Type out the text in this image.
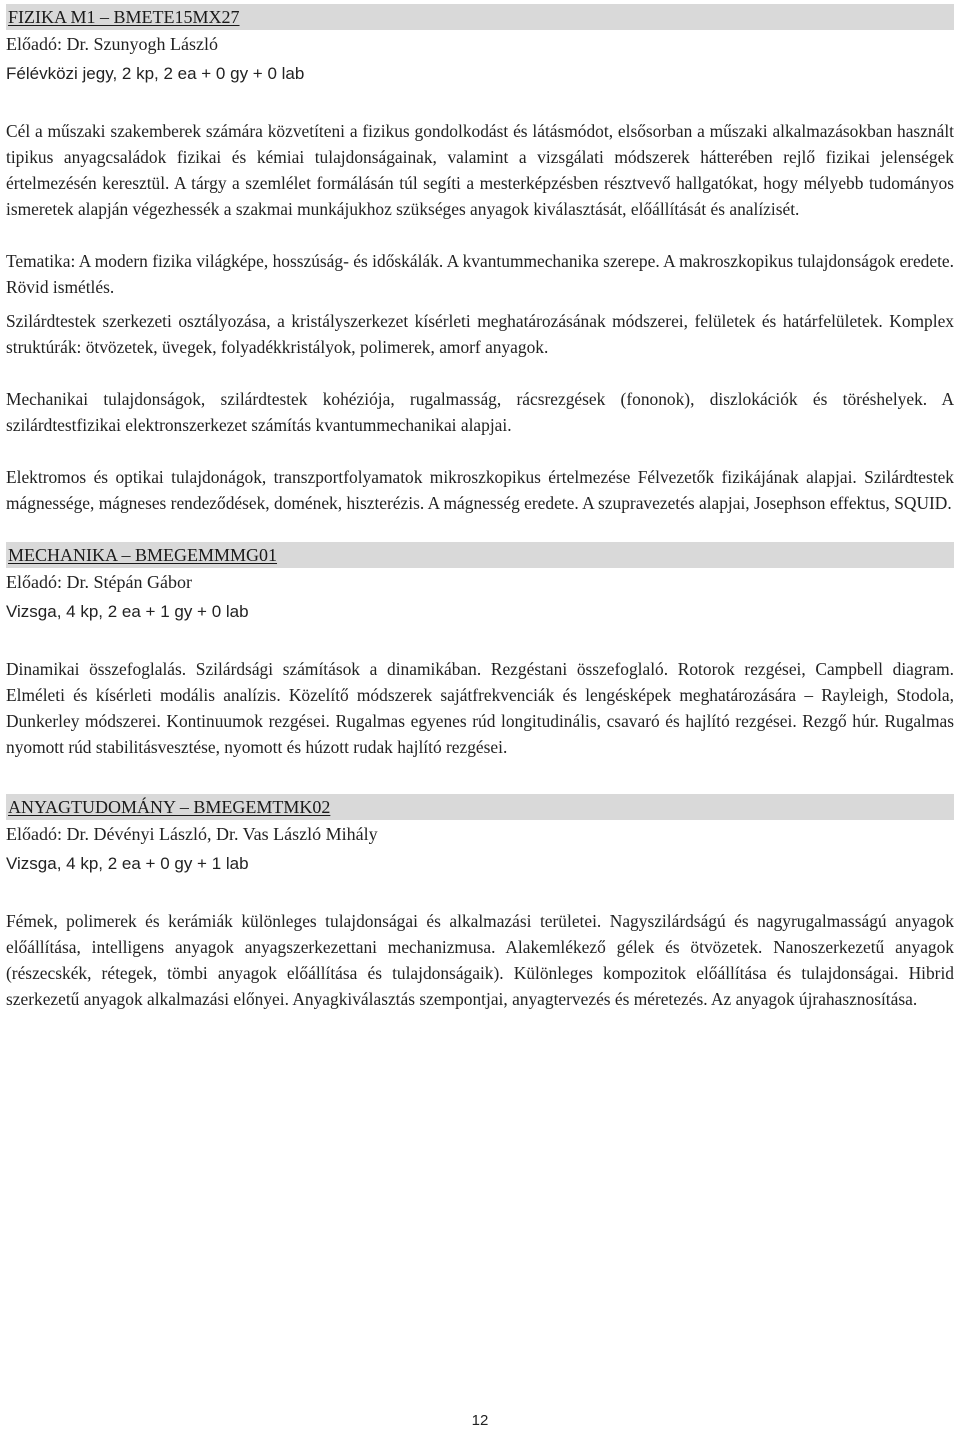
FIZIKA M1 – BMETE15MX27

Előadó: Dr. Szunyogh László

Félévközi jegy, 2 kp, 2 ea + 0 gy + 0 lab

Cél a műszaki szakemberek számára közvetíteni a fizikus gondolkodást és látásmódot, elsősorban a műszaki alkalmazásokban használt tipikus anyagcsaládok fizikai és kémiai tulajdonságainak, valamint a vizsgálati módszerek hátterében rejlő fizikai jelenségek értelmezésén keresztül. A tárgy a szemlélet formálásán túl segíti a mesterképzésben résztvevő hallgatókat, hogy mélyebb tudományos ismeretek alapján végezhessék a szakmai munkájukhoz szükséges anyagok kiválasztását, előállítását és analízisét.

Tematika: A modern fizika világképe, hosszúság- és időskálák. A kvantummechanika szerepe. A makroszkopikus tulajdonságok eredete. Rövid ismétlés.

Szilárdtestek szerkezeti osztályozása, a kristályszerkezet kísérleti meghatározásának módszerei, felületek és határfelületek. Komplex struktúrák: ötvözetek, üvegek, folyadékkristályok, polimerek, amorf anyagok.

Mechanikai tulajdonságok, szilárdtestek kohéziója, rugalmasság, rácsrezgések (fononok), diszlokációk és töréshelyek. A szilárdtestfizikai elektronszerkezet számítás kvantummechanikai alapjai.

Elektromos és optikai tulajdonágok, transzportfolyamatok mikroszkopikus értelmezése Félvezetők fizikájának alapjai. Szilárdtestek mágnessége, mágneses rendeződések, domének, hiszterézis. A mágnesség eredete. A szupravezetés alapjai, Josephson effektus, SQUID.

MECHANIKA – BMEGEMMMG01

Előadó: Dr. Stépán Gábor

Vizsga, 4 kp, 2 ea + 1 gy + 0 lab

Dinamikai összefoglalás. Szilárdsági számítások a dinamikában. Rezgéstani összefoglaló. Rotorok rezgései, Campbell diagram. Elméleti és kísérleti modális analízis. Közelítő módszerek sajátfrekvenciák és lengésképek meghatározására – Rayleigh, Stodola, Dunkerley módszerei. Kontinuumok rezgései. Rugalmas egyenes rúd longitudinális, csavaró és hajlító rezgései. Rezgő húr. Rugalmas nyomott rúd stabilitásvesztése, nyomott és húzott rudak hajlító rezgései.

ANYAGTUDOMÁNY – BMEGEMTMK02

Előadó: Dr. Dévényi László, Dr. Vas László Mihály

Vizsga, 4 kp, 2 ea + 0 gy + 1 lab

Fémek, polimerek és kerámiák különleges tulajdonságai és alkalmazási területei. Nagyszilárdságú és nagyrugalmasságú anyagok előállítása, intelligens anyagok anyagszerkezettani mechanizmusa. Alakemlékező gélek és ötvözetek. Nanoszerkezetű anyagok (részecskék, rétegek, tömbi anyagok előállítása és tulajdonságaik). Különleges kompozitok előállítása és tulajdonságai. Hibrid szerkezetű anyagok alkalmazási előnyei. Anyagkiválasztás szempontjai, anyagtervezés és méretezés. Az anyagok újrahasznosítása.

12
